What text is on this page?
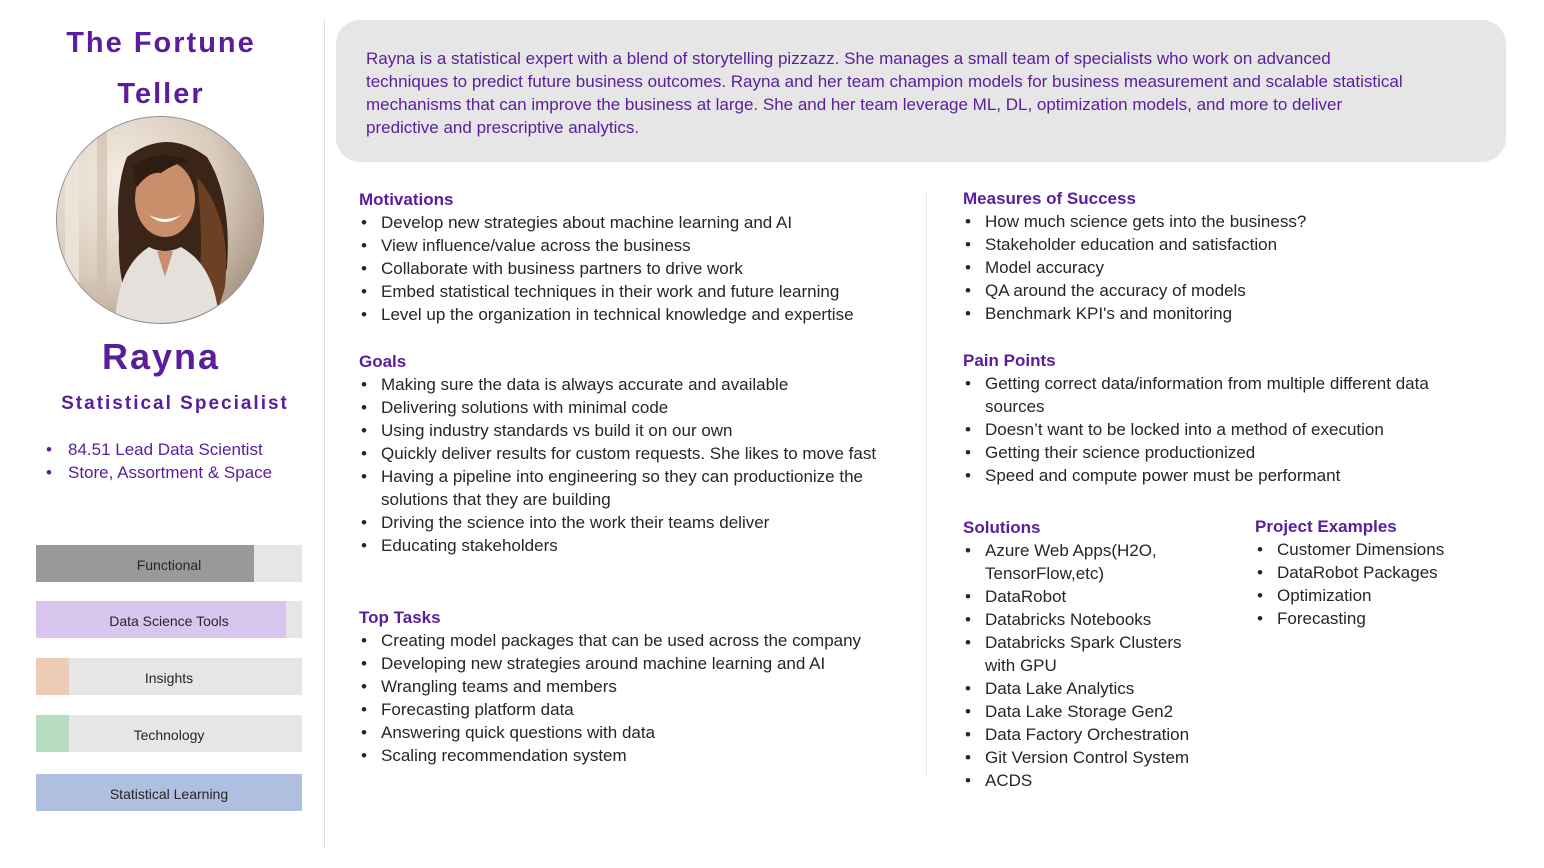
The Fortune
Teller
Rayna
Statistical Specialist
• 84.51 Lead Data Scientist
• Store, Assortment & Space
Functional
Data Science Tools
Insights
Technology
Statistical Learning

Rayna is a statistical expert with a blend of storytelling pizzazz. She manages a small team of specialists who work on advanced techniques to predict future business outcomes. Rayna and her team champion models for business measurement and scalable statistical mechanisms that can improve the business at large. She and her team leverage ML, DL, optimization models, and more to deliver predictive and prescriptive analytics.

Motivations
• Develop new strategies about machine learning and AI
• View influence/value across the business
• Collaborate with business partners to drive work
• Embed statistical techniques in their work and future learning
• Level up the organization in technical knowledge and expertise
Goals
• Making sure the data is always accurate and available
• Delivering solutions with minimal code
• Using industry standards vs build it on our own
• Quickly deliver results for custom requests. She likes to move fast
• Having a pipeline into engineering so they can productionize the solutions that they are building
• Driving the science into the work their teams deliver
• Educating stakeholders
Top Tasks
• Creating model packages that can be used across the company
• Developing new strategies around machine learning and AI
• Wrangling teams and members
• Forecasting platform data
• Answering quick questions with data
• Scaling recommendation system
Measures of Success
• How much science gets into the business?
• Stakeholder education and satisfaction
• Model accuracy
• QA around the accuracy of models
• Benchmark KPI's and monitoring
Pain Points
• Getting correct data/information from multiple different data sources
• Doesn’t want to be locked into a method of execution
• Getting their science productionized
• Speed and compute power must be performant
Solutions
• Azure Web Apps(H2O, TensorFlow,etc)
• DataRobot
• Databricks Notebooks
• Databricks Spark Clusters with GPU
• Data Lake Analytics
• Data Lake Storage Gen2
• Data Factory Orchestration
• Git Version Control System
• ACDS
Project Examples
• Customer Dimensions
• DataRobot Packages
• Optimization
• Forecasting
